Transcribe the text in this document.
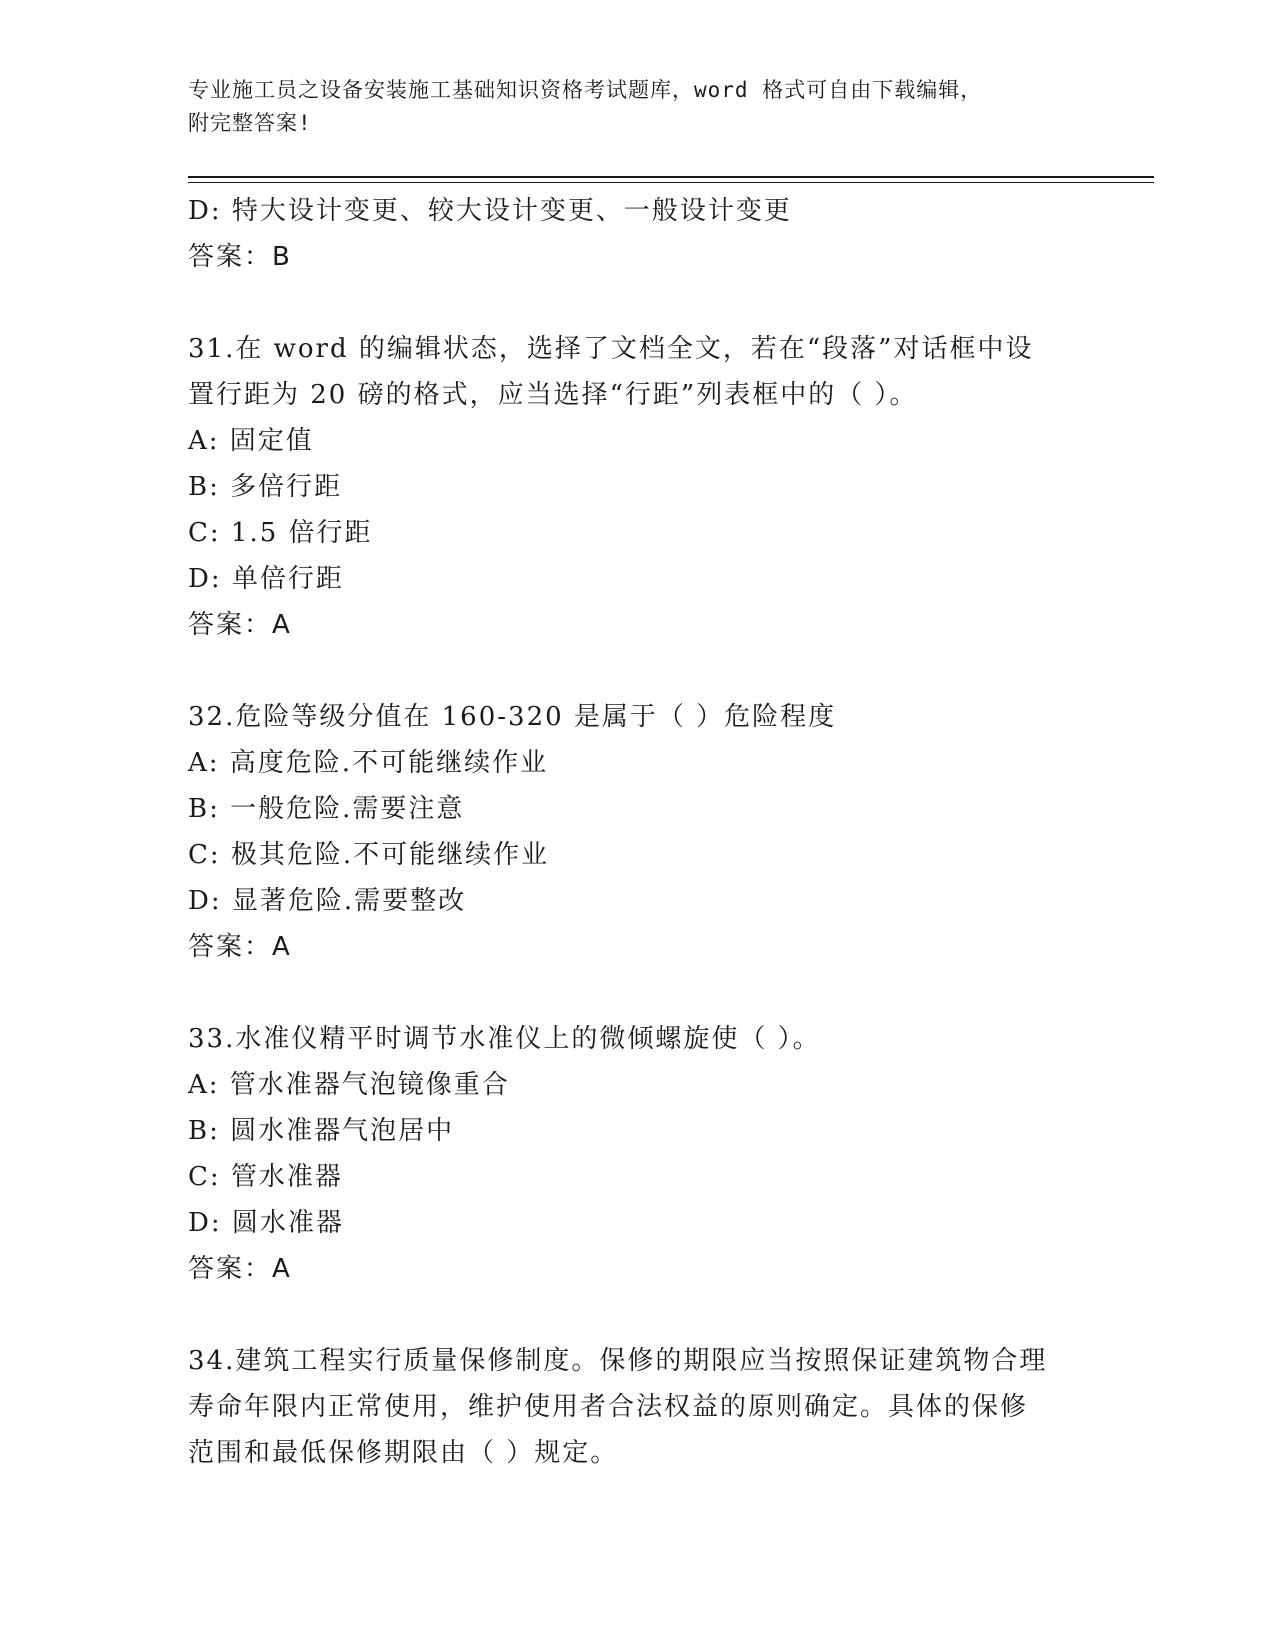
专业施工员之设备安装施工基础知识资格考试题库，word 格式可自由下载编辑，
附完整答案!
D: 特大设计变更、较大设计变更、一般设计变更
答案：B
31.在 word 的编辑状态，选择了文档全文，若在“段落”对话框中设
置行距为 20 磅的格式，应当选择“行距”列表框中的（ ）。
A: 固定值
B: 多倍行距
C: 1.5 倍行距
D: 单倍行距
答案：A
32.危险等级分值在 160-320 是属于（ ）危险程度
A: 高度危险.不可能继续作业
B: 一般危险.需要注意
C: 极其危险.不可能继续作业
D: 显著危险.需要整改
答案：A
33.水准仪精平时调节水准仪上的微倾螺旋使（ ）。
A: 管水准器气泡镜像重合
B: 圆水准器气泡居中
C: 管水准器
D: 圆水准器
答案：A
34.建筑工程实行质量保修制度。保修的期限应当按照保证建筑物合理
寿命年限内正常使用，维护使用者合法权益的原则确定。具体的保修
范围和最低保修期限由（ ）规定。
